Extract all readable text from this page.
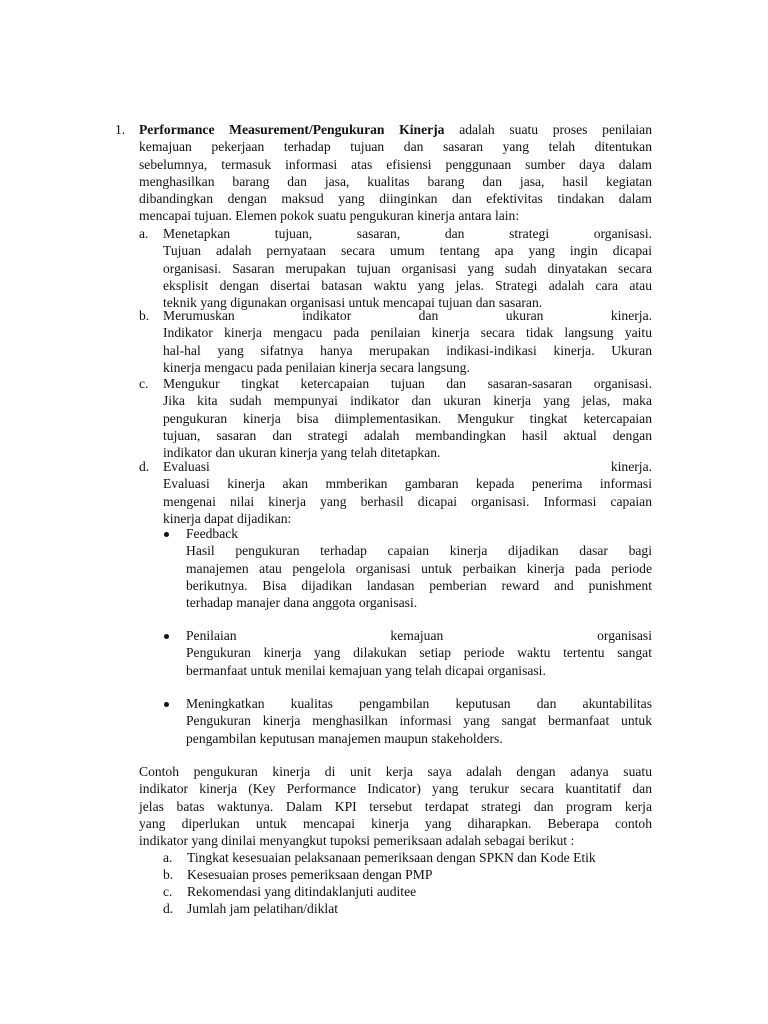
1. Performance Measurement/Pengukuran Kinerja adalah suatu proses penilaian
kemajuan pekerjaan terhadap tujuan dan sasaran yang telah ditentukan
sebelumnya, termasuk informasi atas efisiensi penggunaan sumber daya dalam
menghasilkan barang dan jasa, kualitas barang dan jasa, hasil kegiatan
dibandingkan dengan maksud yang diinginkan dan efektivitas tindakan dalam
mencapai tujuan. Elemen pokok suatu pengukuran kinerja antara lain:
a. Menetapkan tujuan, sasaran, dan strategi organisasi.
Tujuan adalah pernyataan secara umum tentang apa yang ingin dicapai
organisasi. Sasaran merupakan tujuan organisasi yang sudah dinyatakan secara
eksplisit dengan disertai batasan waktu yang jelas. Strategi adalah cara atau
teknik yang digunakan organisasi untuk mencapai tujuan dan sasaran.
b. Merumuskan indikator dan ukuran kinerja.
Indikator kinerja mengacu pada penilaian kinerja secara tidak langsung yaitu
hal-hal yang sifatnya hanya merupakan indikasi-indikasi kinerja. Ukuran
kinerja mengacu pada penilaian kinerja secara langsung.
c. Mengukur tingkat ketercapaian tujuan dan sasaran-sasaran organisasi.
Jika kita sudah mempunyai indikator dan ukuran kinerja yang jelas, maka
pengukuran kinerja bisa diimplementasikan. Mengukur tingkat ketercapaian
tujuan, sasaran dan strategi adalah membandingkan hasil aktual dengan
indikator dan ukuran kinerja yang telah ditetapkan.
d. Evaluasi	kinerja.
Evaluasi kinerja akan mmberikan gambaran kepada penerima informasi
mengenai nilai kinerja yang berhasil dicapai organisasi. Informasi capaian
kinerja dapat dijadikan:
Feedback
Hasil pengukuran terhadap capaian kinerja dijadikan dasar bagi
manajemen atau pengelola organisasi untuk perbaikan kinerja pada periode
berikutnya. Bisa dijadikan landasan pemberian reward and punishment
terhadap manajer dana anggota organisasi.
Penilaian kemajuan organisasi
Pengukuran kinerja yang dilakukan setiap periode waktu tertentu sangat
bermanfaat untuk menilai kemajuan yang telah dicapai organisasi.
Meningkatkan kualitas pengambilan keputusan dan akuntabilitas
Pengukuran kinerja menghasilkan informasi yang sangat bermanfaat untuk
pengambilan keputusan manajemen maupun stakeholders.
Contoh pengukuran kinerja di unit kerja saya adalah dengan adanya suatu
indikator kinerja (Key Performance Indicator) yang terukur secara kuantitatif dan
jelas batas waktunya. Dalam KPI tersebut terdapat strategi dan program kerja
yang diperlukan untuk mencapai kinerja yang diharapkan. Beberapa contoh
indikator yang dinilai menyangkut tupoksi pemeriksaan adalah sebagai berikut :
a. Tingkat kesesuaian pelaksanaan pemeriksaan dengan SPKN dan Kode Etik
b. Kesesuaian proses pemeriksaan dengan PMP
c. Rekomendasi yang ditindaklanjuti auditee
d. Jumlah jam pelatihan/diklat
